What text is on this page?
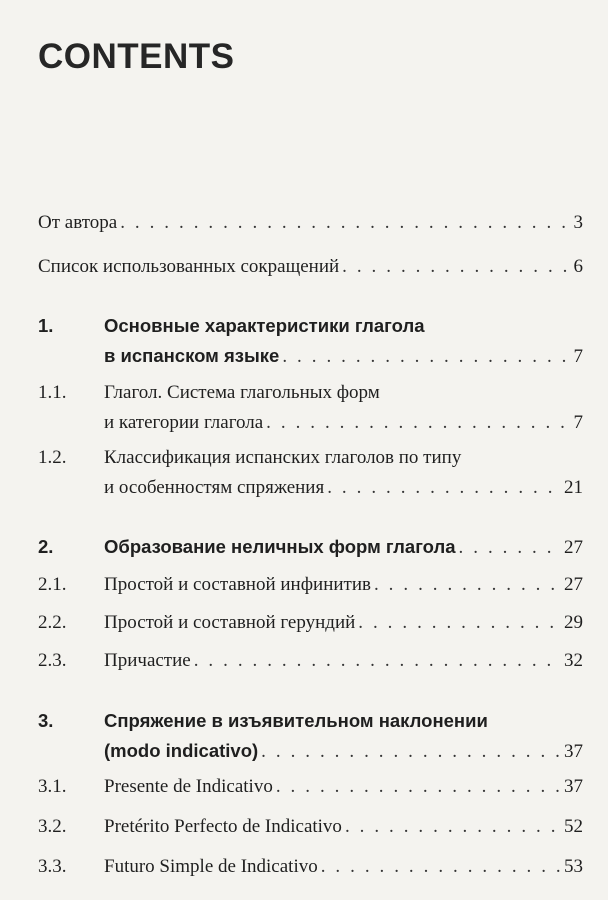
CONTENTS
От автора . . .	3
Список использованных сокращений . . .	6
1.	Основные характеристики глагола
в испанском языке . . .	7
1.1. Глагол. Система глагольных форм
и категории глагола . . .	7
1.2. Классификация испанских глаголов по типу
и особенностям спряжения . . .	21
2.	Образование неличных форм глагола . . .	27
2.1. Простой и составной инфинитив . . .	27
2.2. Простой и составной герундий . . .	29
2.3. Причастие . . .	32
3.	Спряжение в изъявительном наклонении
(modo indicativo) . . .	37
3.1. Presente de Indicativo . . .	37
3.2. Pretérito Perfecto de Indicativo . . .	52
3.3. Futuro Simple de Indicativo . . .	53
